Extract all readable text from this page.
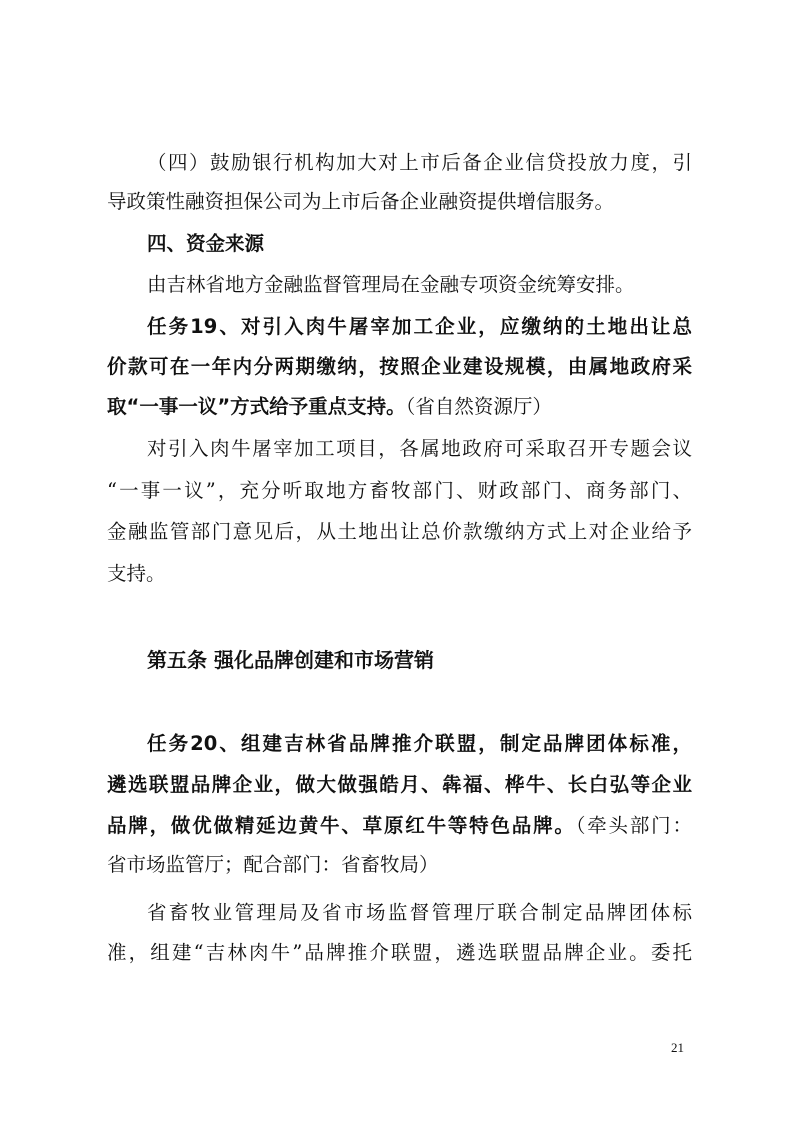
（四）鼓励银行机构加大对上市后备企业信贷投放力度，引
导政策性融资担保公司为上市后备企业融资提供增信服务。
四、资金来源
由吉林省地方金融监督管理局在金融专项资金统筹安排。
任务19、对引入肉牛屠宰加工企业，应缴纳的土地出让总
价款可在一年内分两期缴纳，按照企业建设规模，由属地政府采
取“一事一议”方式给予重点支持。（省自然资源厅）
对引入肉牛屠宰加工项目，各属地政府可采取召开专题会议
“一事一议”，充分听取地方畜牧部门、财政部门、商务部门、
金融监管部门意见后，从土地出让总价款缴纳方式上对企业给予
支持。
第五条 强化品牌创建和市场营销
任务20、组建吉林省品牌推介联盟，制定品牌团体标准，
遴选联盟品牌企业，做大做强皓月、犇福、桦牛、长白弘等企业
品牌，做优做精延边黄牛、草原红牛等特色品牌。（牵头部门：
省市场监管厅；配合部门：省畜牧局）
省畜牧业管理局及省市场监督管理厅联合制定品牌团体标
准，组建“吉林肉牛”品牌推介联盟，遴选联盟品牌企业。委托
21
